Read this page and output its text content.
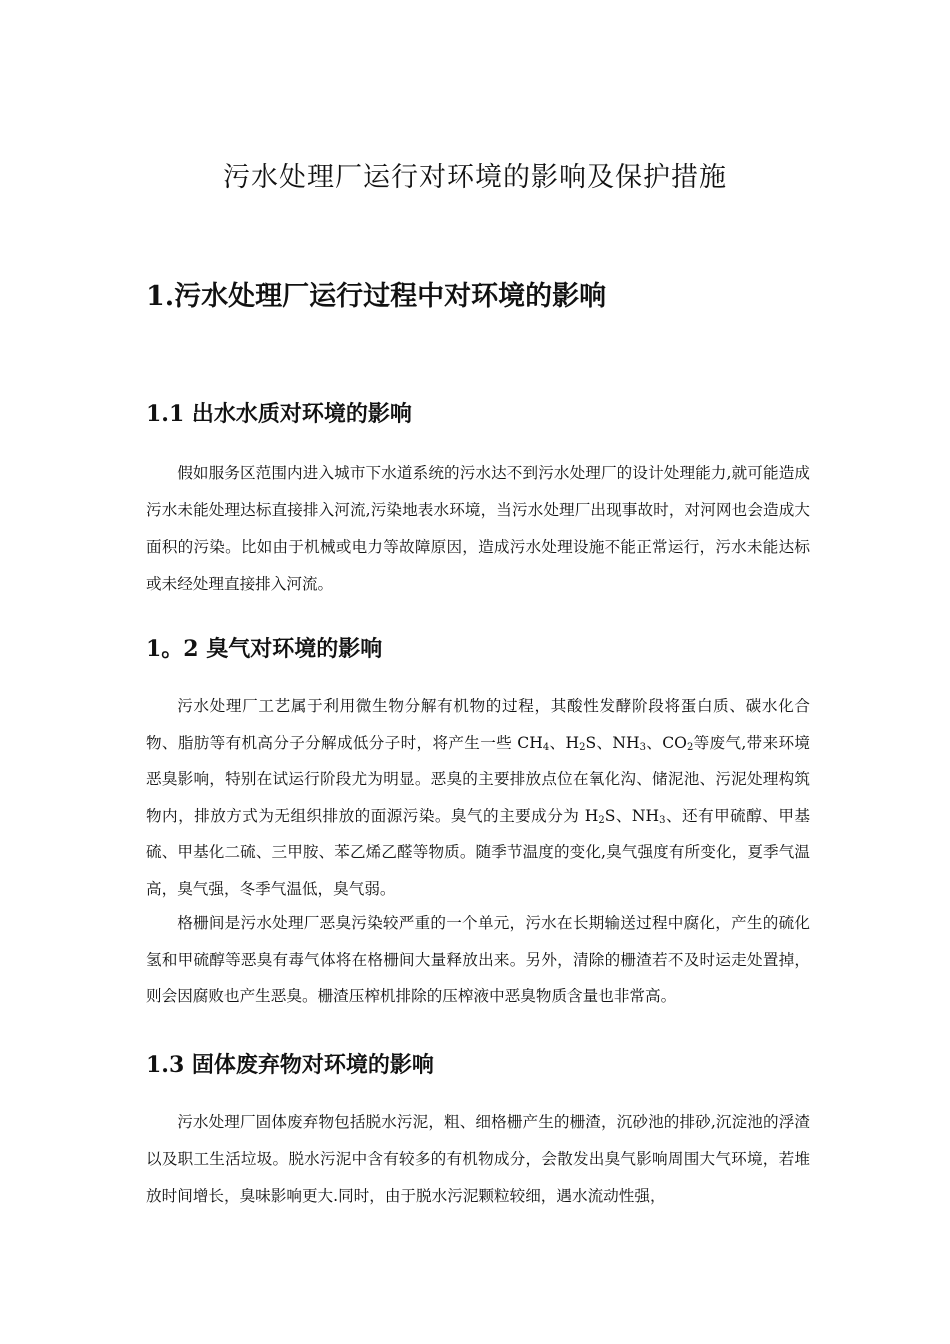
污水处理厂运行对环境的影响及保护措施
1.污水处理厂运行过程中对环境的影响
1.1 出水水质对环境的影响
假如服务区范围内进入城市下水道系统的污水达不到污水处理厂的设计处理能力,就可能造成污水未能处理达标直接排入河流,污染地表水环境，当污水处理厂出现事故时，对河网也会造成大面积的污染。比如由于机械或电力等故障原因，造成污水处理设施不能正常运行，污水未能达标或未经处理直接排入河流。
1。2 臭气对环境的影响
污水处理厂工艺属于利用微生物分解有机物的过程，其酸性发酵阶段将蛋白质、碳水化合物、脂肪等有机高分子分解成低分子时，将产生一些 $CH_4$、$H_2S$、$NH_3$、$CO_2$等废气,带来环境恶臭影响，特别在试运行阶段尤为明显。恶臭的主要排放点位在氧化沟、储泥池、污泥处理构筑物内，排放方式为无组织排放的面源污染。臭气的主要成分为 $H_2S$、$NH_3$、还有甲硫醇、甲基硫、甲基化二硫、三甲胺、苯乙烯乙醛等物质。随季节温度的变化,臭气强度有所变化，夏季气温高，臭气强，冬季气温低，臭气弱。
格栅间是污水处理厂恶臭污染较严重的一个单元，污水在长期输送过程中腐化，产生的硫化氢和甲硫醇等恶臭有毒气体将在格栅间大量释放出来。另外，清除的栅渣若不及时运走处置掉，则会因腐败也产生恶臭。栅渣压榨机排除的压榨液中恶臭物质含量也非常高。
1.3 固体废弃物对环境的影响
污水处理厂固体废弃物包括脱水污泥，粗、细格栅产生的栅渣，沉砂池的排砂,沉淀池的浮渣以及职工生活垃圾。脱水污泥中含有较多的有机物成分，会散发出臭气影响周围大气环境，若堆放时间增长，臭味影响更大.同时，由于脱水污泥颗粒较细，遇水流动性强，
